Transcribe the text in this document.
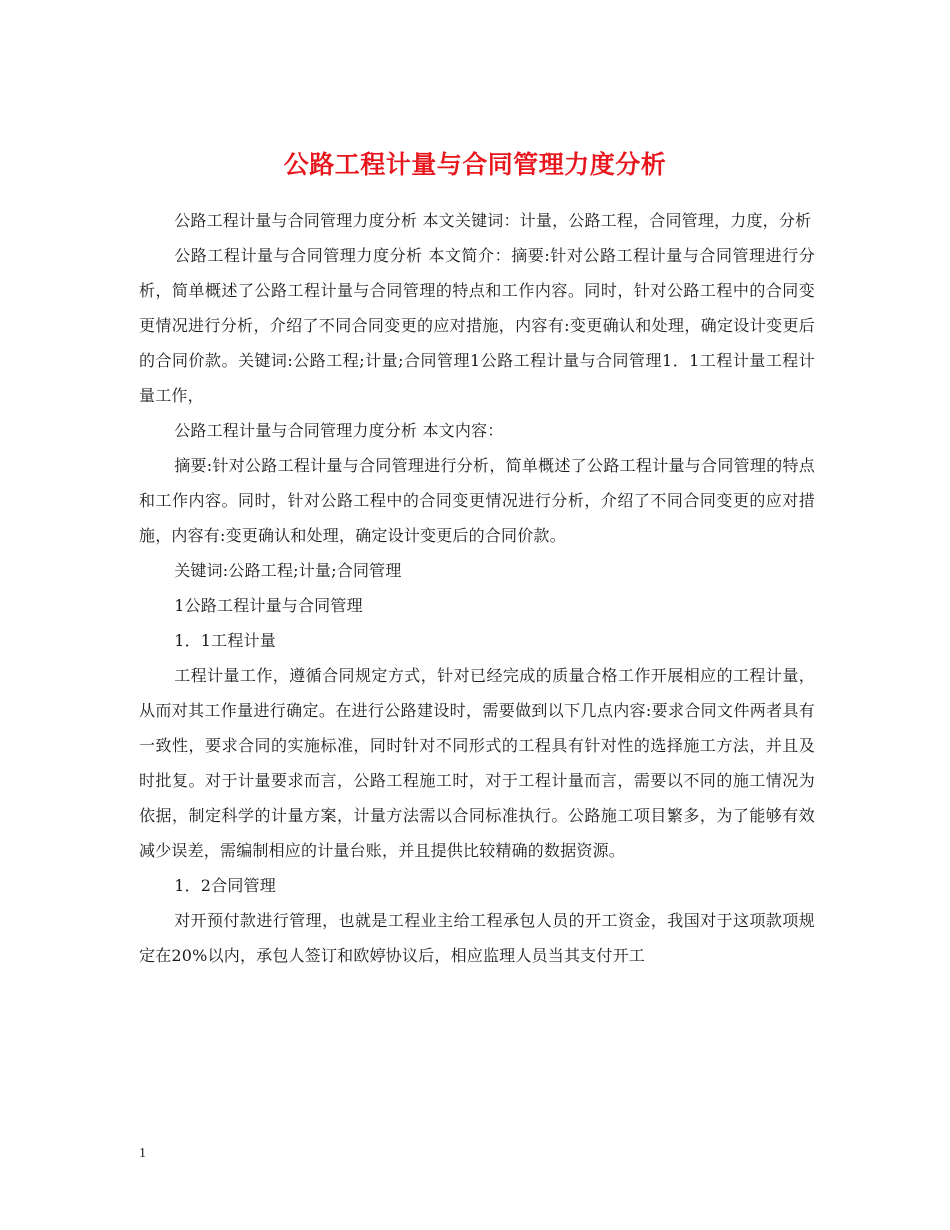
公路工程计量与合同管理力度分析

公路工程计量与合同管理力度分析 本文关键词：计量，公路工程，合同管理，力度，分析

公路工程计量与合同管理力度分析 本文简介：摘要:针对公路工程计量与合同管理进行分析，简单概述了公路工程计量与合同管理的特点和工作内容。同时，针对公路工程中的合同变更情况进行分析，介绍了不同合同变更的应对措施，内容有:变更确认和处理，确定设计变更后的合同价款。关键词:公路工程;计量;合同管理1公路工程计量与合同管理1．1工程计量工程计量工作，

公路工程计量与合同管理力度分析 本文内容：

摘要:针对公路工程计量与合同管理进行分析，简单概述了公路工程计量与合同管理的特点和工作内容。同时，针对公路工程中的合同变更情况进行分析，介绍了不同合同变更的应对措施，内容有:变更确认和处理，确定设计变更后的合同价款。

关键词:公路工程;计量;合同管理

1公路工程计量与合同管理

1．1工程计量

工程计量工作，遵循合同规定方式，针对已经完成的质量合格工作开展相应的工程计量，从而对其工作量进行确定。在进行公路建设时，需要做到以下几点内容:要求合同文件两者具有一致性，要求合同的实施标准，同时针对不同形式的工程具有针对性的选择施工方法，并且及时批复。对于计量要求而言，公路工程施工时，对于工程计量而言，需要以不同的施工情况为依据，制定科学的计量方案，计量方法需以合同标准执行。公路施工项目繁多，为了能够有效减少误差，需编制相应的计量台账，并且提供比较精确的数据资源。

1．2合同管理

对开预付款进行管理，也就是工程业主给工程承包人员的开工资金，我国对于这项款项规定在20%以内，承包人签订和欧婷协议后，相应监理人员当其支付开工

1
